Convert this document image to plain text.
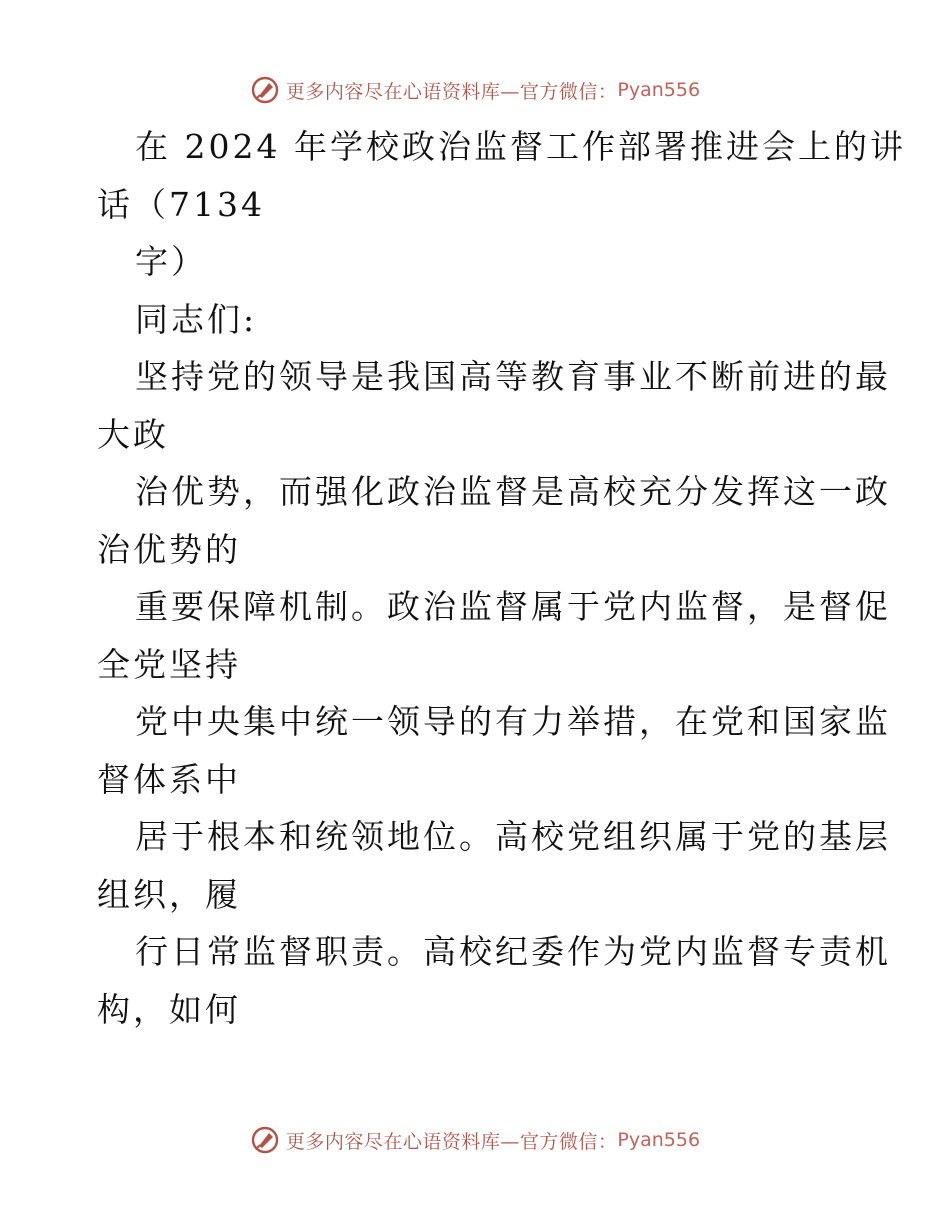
更多内容尽在心语资料库—官方微信： Pyan556
在 2024 年学校政治监督工作部署推进会上的讲
话（7134
字）
同志们:
坚持党的领导是我国高等教育事业不断前进的最
大政
治优势，而强化政治监督是高校充分发挥这一政
治优势的
重要保障机制。政治监督属于党内监督，是督促
全党坚持
党中央集中统一领导的有力举措，在党和国家监
督体系中
居于根本和统领地位。高校党组织属于党的基层
组织，履
行日常监督职责。高校纪委作为党内监督专责机
构，如何
更多内容尽在心语资料库—官方微信： Pyan556
